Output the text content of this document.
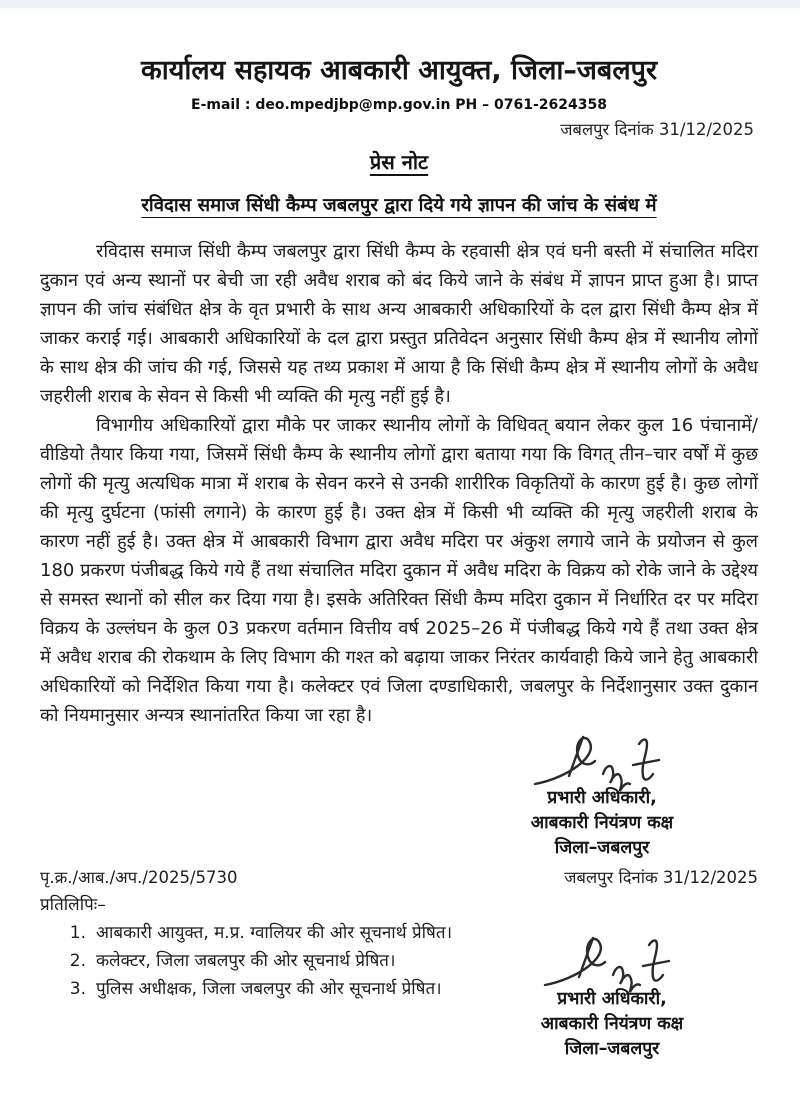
कार्यालय सहायक आबकारी आयुक्त, जिला–जबलपुर
E-mail : deo.mpedjbp@mp.gov.in PH – 0761-2624358
जबलपुर दिनांक 31/12/2025
प्रेस नोट
रविदास समाज सिंधी कैम्प जबलपुर द्वारा दिये गये ज्ञापन की जांच के संबंध में

रविदास समाज सिंधी कैम्प जबलपुर द्वारा सिंधी कैम्प के रहवासी क्षेत्र एवं घनी बस्ती में संचालित मदिरा दुकान एवं अन्य स्थानों पर बेची जा रही अवैध शराब को बंद किये जाने के संबंध में ज्ञापन प्राप्त हुआ है। प्राप्त ज्ञापन की जांच संबंधित क्षेत्र के वृत प्रभारी के साथ अन्य आबकारी अधिकारियों के दल द्वारा सिंधी कैम्प क्षेत्र में जाकर कराई गई। आबकारी अधिकारियों के दल द्वारा प्रस्तुत प्रतिवेदन अनुसार सिंधी कैम्प क्षेत्र में स्थानीय लोगों के साथ क्षेत्र की जांच की गई, जिससे यह तथ्य प्रकाश में आया है कि सिंधी कैम्प क्षेत्र में स्थानीय लोगों के अवैध जहरीली शराब के सेवन से किसी भी व्यक्ति की मृत्यु नहीं हुई है।

विभागीय अधिकारियों द्वारा मौके पर जाकर स्थानीय लोगों के विधिवत् बयान लेकर कुल 16 पंचानामें/वीडियो तैयार किया गया, जिसमें सिंधी कैम्प के स्थानीय लोगों द्वारा बताया गया कि विगत् तीन–चार वर्षों में कुछ लोगों की मृत्यु अत्यधिक मात्रा में शराब के सेवन करने से उनकी शारीरिक विकृतियों के कारण हुई है। कुछ लोगों की मृत्यु दुर्घटना (फांसी लगाने) के कारण हुई है। उक्त क्षेत्र में किसी भी व्यक्ति की मृत्यु जहरीली शराब के कारण नहीं हुई है। उक्त क्षेत्र में आबकारी विभाग द्वारा अवैध मदिरा पर अंकुश लगाये जाने के प्रयोजन से कुल 180 प्रकरण पंजीबद्ध किये गये हैं तथा संचालित मदिरा दुकान में अवैध मदिरा के विक्रय को रोके जाने के उद्देश्य से समस्त स्थानों को सील कर दिया गया है। इसके अतिरिक्त सिंधी कैम्प मदिरा दुकान में निर्धारित दर पर मदिरा विक्रय के उल्लंघन के कुल 03 प्रकरण वर्तमान वित्तीय वर्ष 2025–26 में पंजीबद्ध किये गये हैं तथा उक्त क्षेत्र में अवैध शराब की रोकथाम के लिए विभाग की गश्त को बढ़ाया जाकर निरंतर कार्यवाही किये जाने हेतु आबकारी अधिकारियों को निर्देशित किया गया है। कलेक्टर एवं जिला दण्डाधिकारी, जबलपुर के निर्देशानुसार उक्त दुकान को नियमानुसार अन्यत्र स्थानांतरित किया जा रहा है।

प्रभारी अधिकारी,
आबकारी नियंत्रण कक्ष
जिला–जबलपुर
पृ.क्र./आब./अप./2025/5730	जबलपुर दिनांक 31/12/2025
प्रतिलिपिः–
1. आबकारी आयुक्त, म.प्र. ग्वालियर की ओर सूचनार्थ प्रेषित।
2. कलेक्टर, जिला जबलपुर की ओर सूचनार्थ प्रेषित।
3. पुलिस अधीक्षक, जिला जबलपुर की ओर सूचनार्थ प्रेषित।	प्रभारी अधिकारी,
आबकारी नियंत्रण कक्ष
जिला–जबलपुर
